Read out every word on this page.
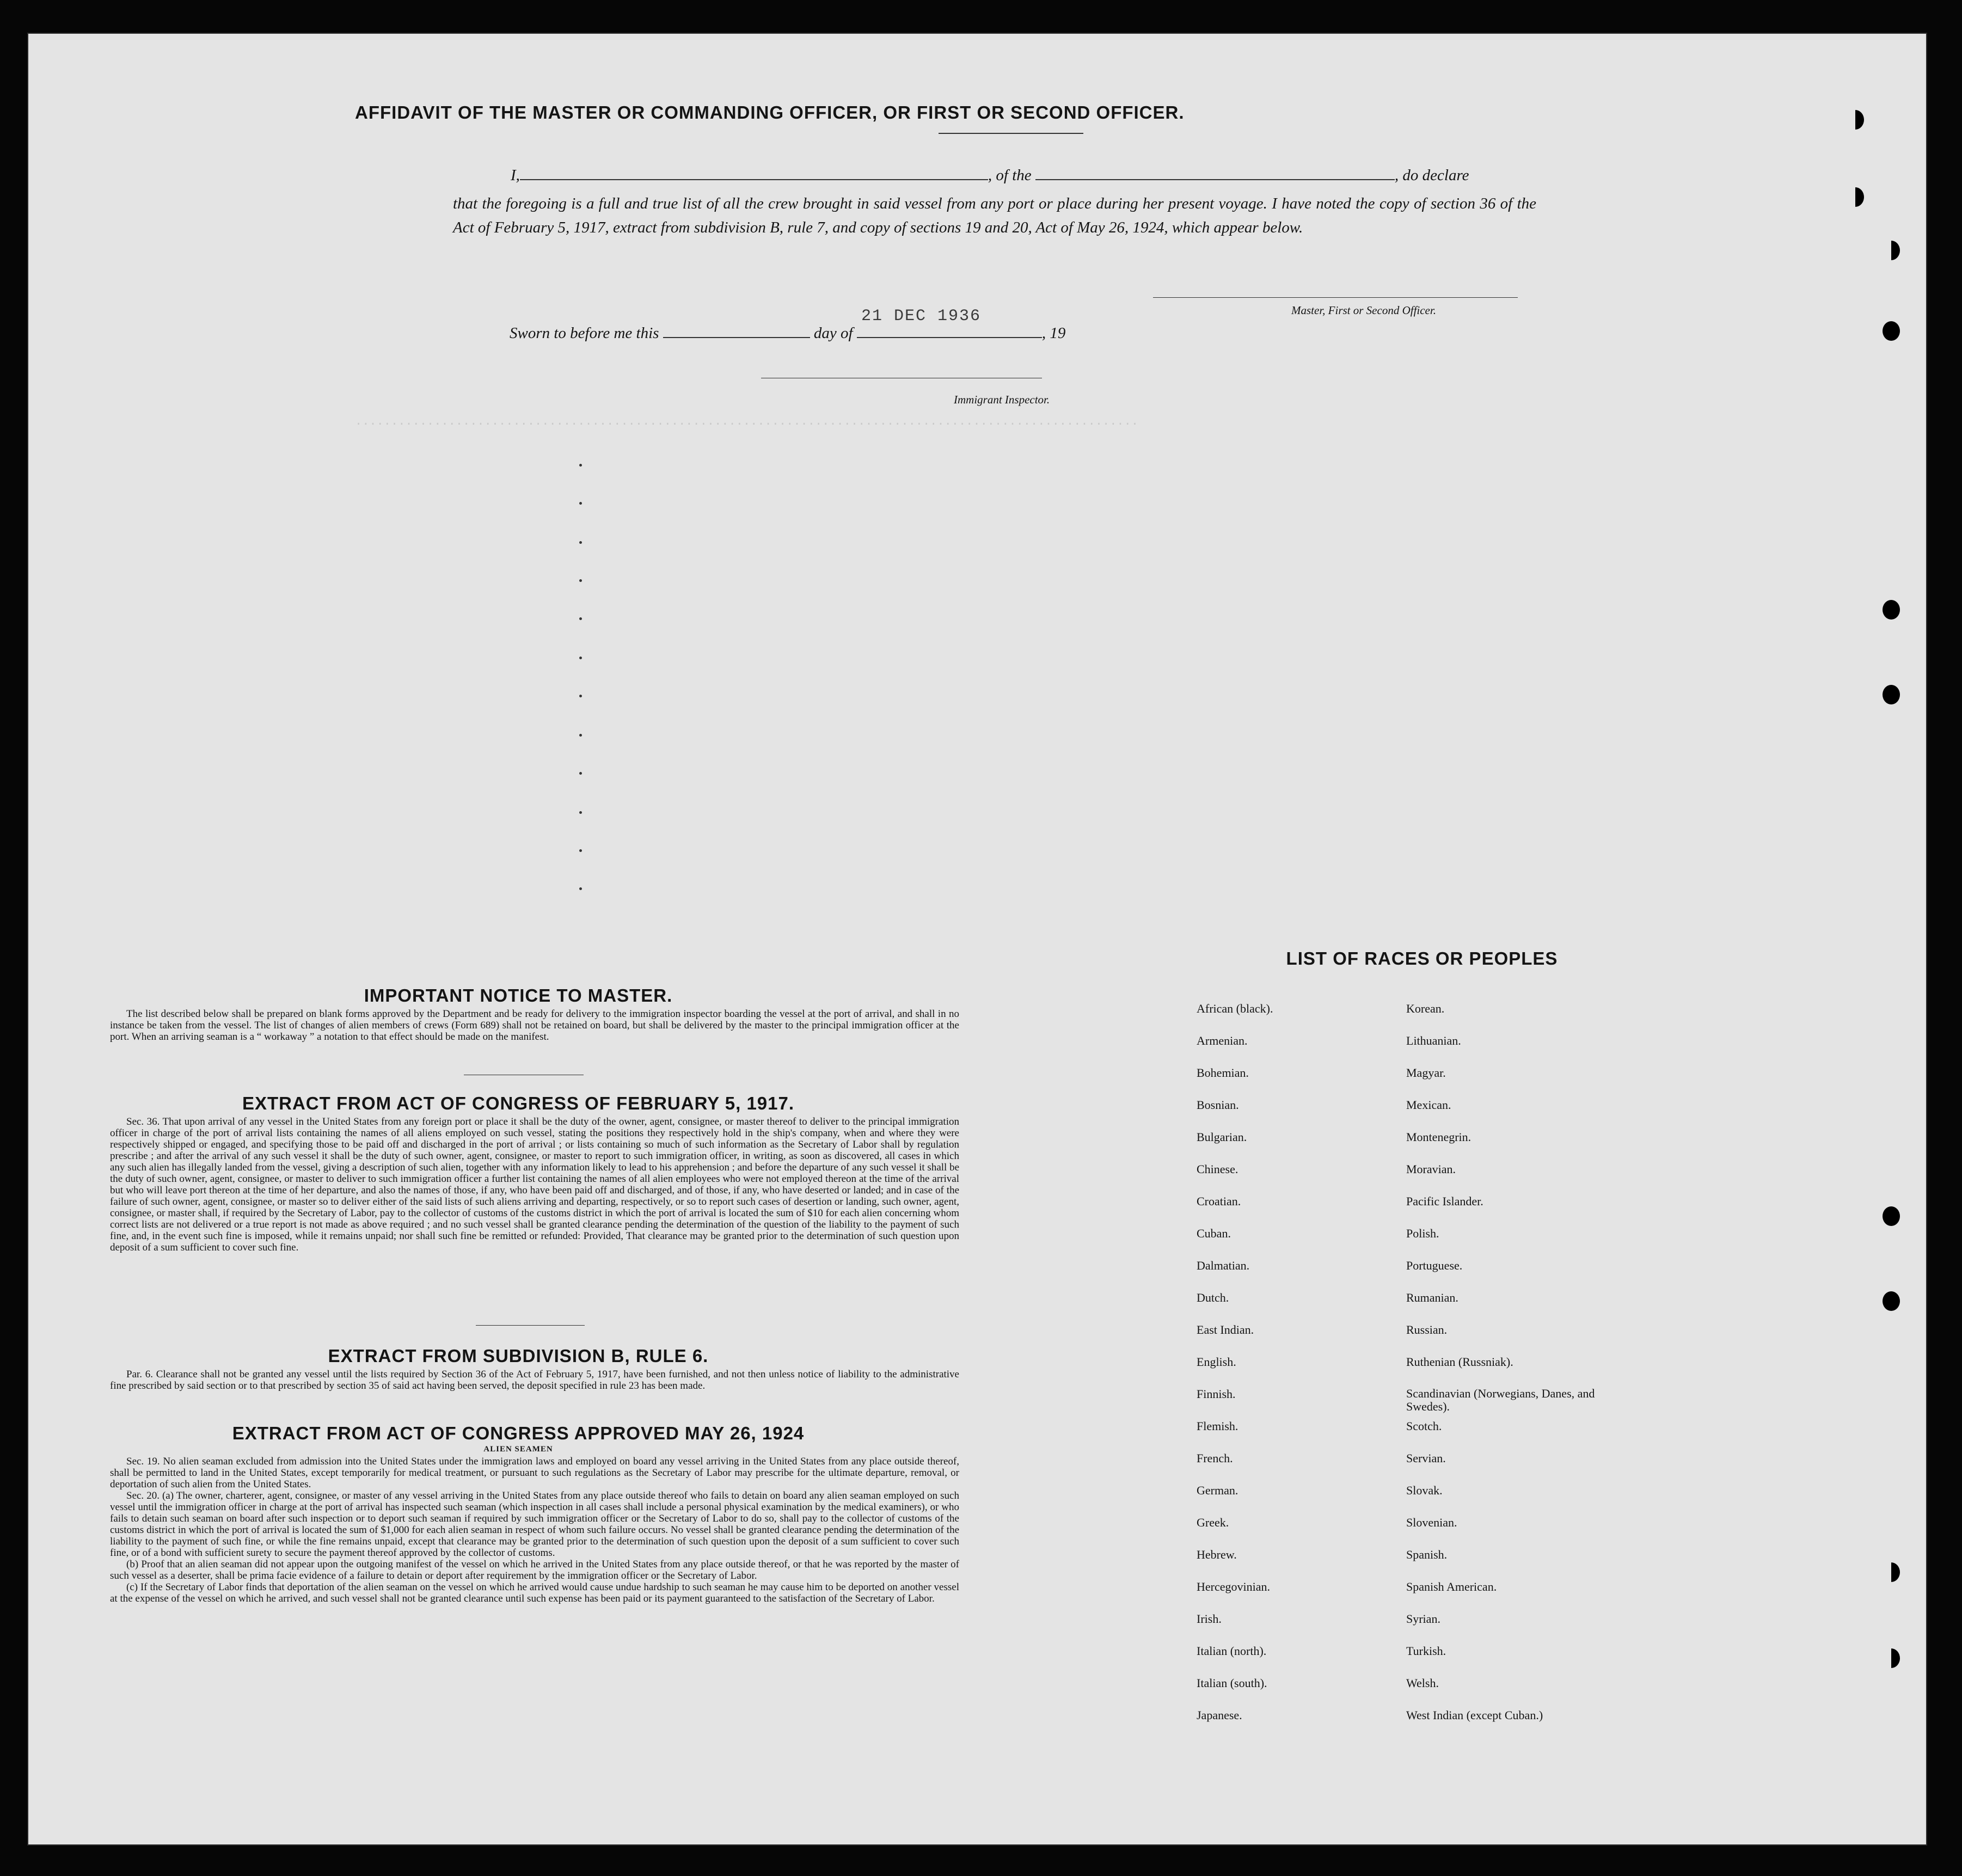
.............................................................................................................
AFFIDAVIT OF THE MASTER OR COMMANDING OFFICER, OR FIRST OR SECOND OFFICER.
I,	, of the	, do declare
that the foregoing is a full and true list of all the crew brought in said vessel from any port or place during her present voyage. I have noted the copy of section 36 of the Act of February 5, 1917, extract from subdivision B, rule 7, and copy of sections 19 and 20, Act of May 26, 1924, which appear below.
Master, First or Second Officer.
Sworn to before me this	day of	, 19
21 DEC 1936
Immigrant Inspector.
IMPORTANT NOTICE TO MASTER.

The list described below shall be prepared on blank forms approved by the Department and be ready for delivery to the immigration inspector boarding the vessel at the port of arrival, and shall in no instance be taken from the vessel. The list of changes of alien members of crews (Form 689) shall not be retained on board, but shall be delivered by the master to the principal immigration officer at the port. When an arriving seaman is a “ workaway ” a notation to that effect should be made on the manifest.

EXTRACT FROM ACT OF CONGRESS OF FEBRUARY 5, 1917.

Sec. 36. That upon arrival of any vessel in the United States from any foreign port or place it shall be the duty of the owner, agent, consignee, or master thereof to deliver to the principal immigration officer in charge of the port of arrival lists containing the names of all aliens employed on such vessel, stating the positions they respectively hold in the ship's company, when and where they were respectively shipped or engaged, and specifying those to be paid off and discharged in the port of arrival ; or lists containing so much of such information as the Secretary of Labor shall by regulation prescribe ; and after the arrival of any such vessel it shall be the duty of such owner, agent, consignee, or master to report to such immigration officer, in writing, as soon as discovered, all cases in which any such alien has illegally landed from the vessel, giving a description of such alien, together with any information likely to lead to his apprehension ; and before the departure of any such vessel it shall be the duty of such owner, agent, consignee, or master to deliver to such immigration officer a further list containing the names of all alien employees who were not employed thereon at the time of the arrival but who will leave port thereon at the time of her departure, and also the names of those, if any, who have been paid off and discharged, and of those, if any, who have deserted or landed; and in case of the failure of such owner, agent, consignee, or master so to deliver either of the said lists of such aliens arriving and departing, respectively, or so to report such cases of desertion or landing, such owner, agent, consignee, or master shall, if required by the Secretary of Labor, pay to the collector of customs of the customs district in which the port of arrival is located the sum of $10 for each alien concerning whom correct lists are not delivered or a true report is not made as above required ; and no such vessel shall be granted clearance pending the determination of the question of the liability to the payment of such fine, and, in the event such fine is imposed, while it remains unpaid; nor shall such fine be remitted or refunded: Provided, That clearance may be granted prior to the determination of such question upon deposit of a sum sufficient to cover such fine.

EXTRACT FROM SUBDIVISION B, RULE 6.

Par. 6. Clearance shall not be granted any vessel until the lists required by Section 36 of the Act of February 5, 1917, have been furnished, and not then unless notice of liability to the administrative fine prescribed by said section or to that prescribed by section 35 of said act having been served, the deposit specified in rule 23 has been made.

EXTRACT FROM ACT OF CONGRESS APPROVED MAY 26, 1924
ALIEN SEAMEN

Sec. 19. No alien seaman excluded from admission into the United States under the immigration laws and employed on board any vessel arriving in the United States from any place outside thereof, shall be permitted to land in the United States, except temporarily for medical treatment, or pursuant to such regulations as the Secretary of Labor may prescribe for the ultimate departure, removal, or deportation of such alien from the United States.

Sec. 20. (a) The owner, charterer, agent, consignee, or master of any vessel arriving in the United States from any place outside thereof who fails to detain on board any alien seaman employed on such vessel until the immigration officer in charge at the port of arrival has inspected such seaman (which inspection in all cases shall include a personal physical examination by the medical examiners), or who fails to detain such seaman on board after such inspection or to deport such seaman if required by such immigration officer or the Secretary of Labor to do so, shall pay to the collector of customs of the customs district in which the port of arrival is located the sum of $1,000 for each alien seaman in respect of whom such failure occurs. No vessel shall be granted clearance pending the determination of the liability to the payment of such fine, or while the fine remains unpaid, except that clearance may be granted prior to the determination of such question upon the deposit of a sum sufficient to cover such fine, or of a bond with sufficient surety to secure the payment thereof approved by the collector of customs.

(b) Proof that an alien seaman did not appear upon the outgoing manifest of the vessel on which he arrived in the United States from any place outside thereof, or that he was reported by the master of such vessel as a deserter, shall be prima facie evidence of a failure to detain or deport after requirement by the immigration officer or the Secretary of Labor.

(c) If the Secretary of Labor finds that deportation of the alien seaman on the vessel on which he arrived would cause undue hardship to such seaman he may cause him to be deported on another vessel at the expense of the vessel on which he arrived, and such vessel shall not be granted clearance until such expense has been paid or its payment guaranteed to the satisfaction of the Secretary of Labor.

LIST OF RACES OR PEOPLES
African (black).	Korean.
Armenian.	Lithuanian.
Bohemian.	Magyar.
Bosnian.	Mexican.
Bulgarian.	Montenegrin.
Chinese.	Moravian.
Croatian.	Pacific Islander.
Cuban.	Polish.
Dalmatian.	Portuguese.
Dutch.	Rumanian.
East Indian.	Russian.
English.	Ruthenian (Russniak).
Finnish.	Scandinavian (Norwegians, Danes, and Swedes).
Flemish.	Scotch.
French.	Servian.
German.	Slovak.
Greek.	Slovenian.
Hebrew.	Spanish.
Hercegovinian.	Spanish American.
Irish.	Syrian.
Italian (north).	Turkish.
Italian (south).	Welsh.
Japanese.	West Indian (except Cuban.)
